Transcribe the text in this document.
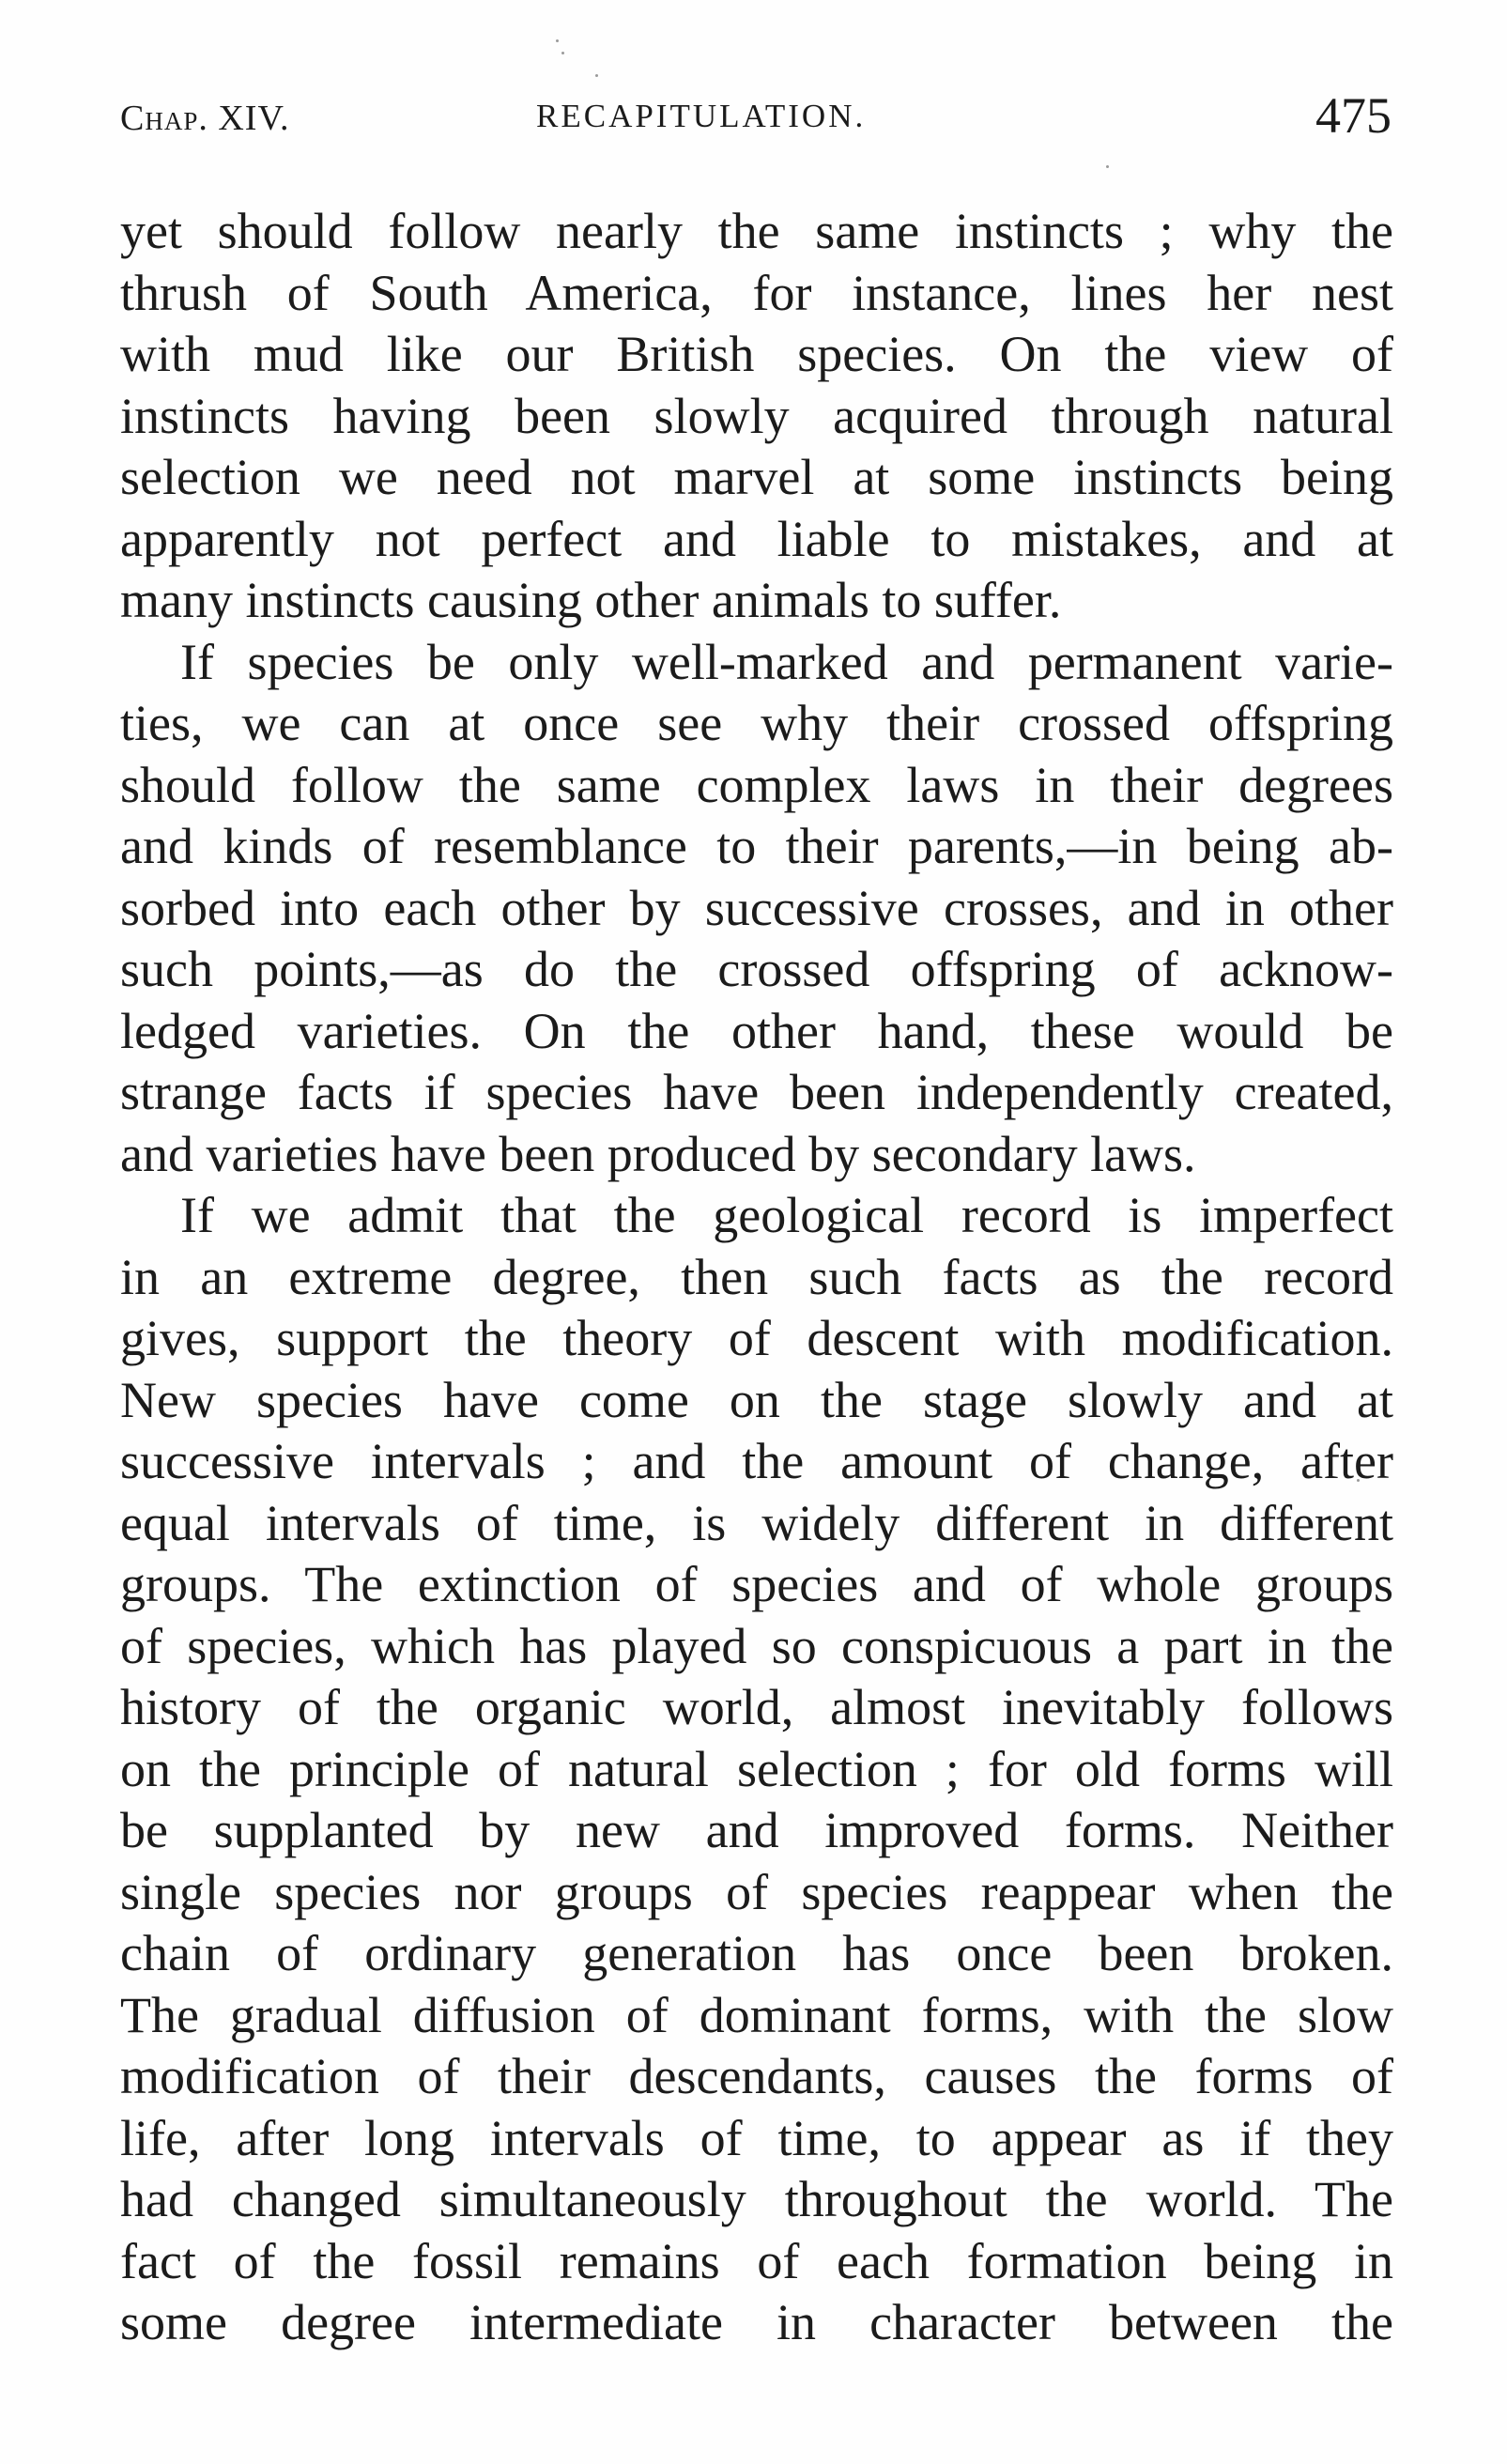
Chap. XIV.	RECAPITULATION.	475
yet should follow nearly the same instincts ; why the
thrush of South America, for instance, lines her nest
with mud like our British species. On the view of
instincts having been slowly acquired through natural
selection we need not marvel at some instincts being
apparently not perfect and liable to mistakes, and at
many instincts causing other animals to suffer.
If species be only well-marked and permanent varie-
ties, we can at once see why their crossed offspring
should follow the same complex laws in their degrees
and kinds of resemblance to their parents,—in being ab-
sorbed into each other by successive crosses, and in other
such points,—as do the crossed offspring of acknow-
ledged varieties. On the other hand, these would be
strange facts if species have been independently created,
and varieties have been produced by secondary laws.
If we admit that the geological record is imperfect
in an extreme degree, then such facts as the record
gives, support the theory of descent with modification.
New species have come on the stage slowly and at
successive intervals ; and the amount of change, after
equal intervals of time, is widely different in different
groups. The extinction of species and of whole groups
of species, which has played so conspicuous a part in the
history of the organic world, almost inevitably follows
on the principle of natural selection ; for old forms will
be supplanted by new and improved forms. Neither
single species nor groups of species reappear when the
chain of ordinary generation has once been broken.
The gradual diffusion of dominant forms, with the slow
modification of their descendants, causes the forms of
life, after long intervals of time, to appear as if they
had changed simultaneously throughout the world. The
fact of the fossil remains of each formation being in
some degree intermediate in character between the
